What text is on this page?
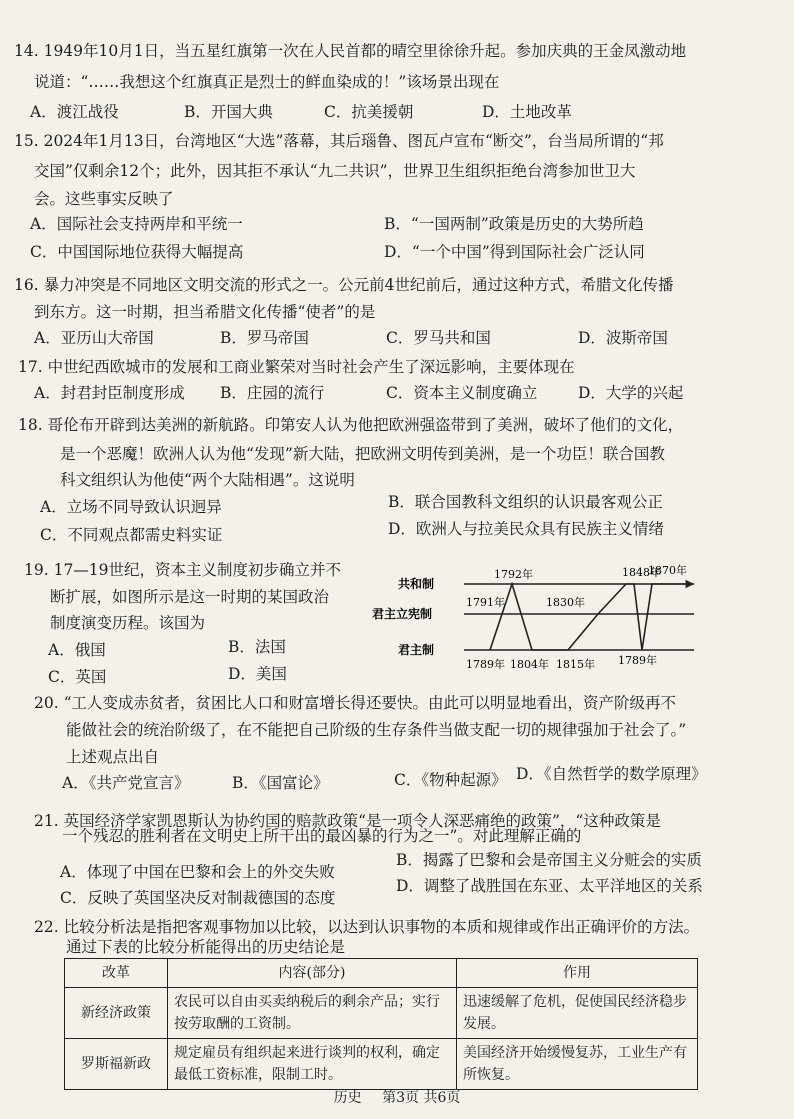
14. 1949年10月1日，当五星红旗第一次在人民首都的晴空里徐徐升起。参加庆典的王金凤激动地
说道：“……我想这个红旗真正是烈士的鲜血染成的！”该场景出现在
A．渡江战役	B．开国大典	C．抗美援朝	D．土地改革
15. 2024年1月13日，台湾地区“大选”落幕，其后瑙鲁、图瓦卢宣布“断交”，台当局所谓的“邦
交国”仅剩余12个；此外，因其拒不承认“九二共识”，世界卫生组织拒绝台湾参加世卫大
会。这些事实反映了
A．国际社会支持两岸和平统一	B．“一国两制”政策是历史的大势所趋
C．中国国际地位获得大幅提高	D．“一个中国”得到国际社会广泛认同
16. 暴力冲突是不同地区文明交流的形式之一。公元前4世纪前后，通过这种方式，希腊文化传播
到东方。这一时期，担当希腊文化传播“使者”的是
A．亚历山大帝国	B．罗马帝国	C．罗马共和国	D．波斯帝国
17. 中世纪西欧城市的发展和工商业繁荣对当时社会产生了深远影响，主要体现在
A．封君封臣制度形成 B．庄园的流行	C．资本主义制度确立	D．大学的兴起
18. 哥伦布开辟到达美洲的新航路。印第安人认为他把欧洲强盗带到了美洲，破坏了他们的文化，
是一个恶魔！欧洲人认为他“发现”新大陆，把欧洲文明传到美洲，是一个功臣！联合国教
科文组织认为他使“两个大陆相遇”。这说明
A．立场不同导致认识迥异	B．联合国教科文组织的认识最客观公正
C．不同观点都需史料实证	D．欧洲人与拉美民众具有民族主义情绪
19. 17—19世纪，资本主义制度初步确立并不
断扩展，如图所示是这一时期的某国政治
制度演变历程。该国为
A．俄国	B．法国
C．英国	D．美国
共和制
君主立宪制
君主制
1792年	1848年
1870年
1791年	1830年
1789年 1804年 1815年 1789年
20. “工人变成赤贫者，贫困比人口和财富增长得还要快。由此可以明显地看出，资产阶级再不
能做社会的统治阶级了，在不能把自己阶级的生存条件当做支配一切的规律强加于社会了。”
上述观点出自
A．《共产党宣言》	B．《国富论》	C．《物种起源》 D．《自然哲学的数学原理》
21. 英国经济学家凯恩斯认为协约国的赔款政策“是一项令人深恶痛绝的政策”，“这种政策是
一个残忍的胜利者在文明史上所干出的最凶暴的行为之一”。对此理解正确的
A．体现了中国在巴黎和会上的外交失败
B．揭露了巴黎和会是帝国主义分赃会的实质
C．反映了英国坚决反对制裁德国的态度
D．调整了战胜国在东亚、太平洋地区的关系
22. 比较分析法是指把客观事物加以比较，以达到认识事物的本质和规律或作出正确评价的方法。
通过下表的比较分析能得出的历史结论是
改革	内容(部分)	作用
新经济政策	农民可以自由买卖纳税后的剩余产品；实行按劳取酬的工资制。	迅速缓解了危机，促使国民经济稳步发展。
罗斯福新政	规定雇员有组织起来进行谈判的权利，确定最低工资标准，限制工时。	美国经济开始缓慢复苏，工业生产有所恢复。
历史 第3页 共6页
